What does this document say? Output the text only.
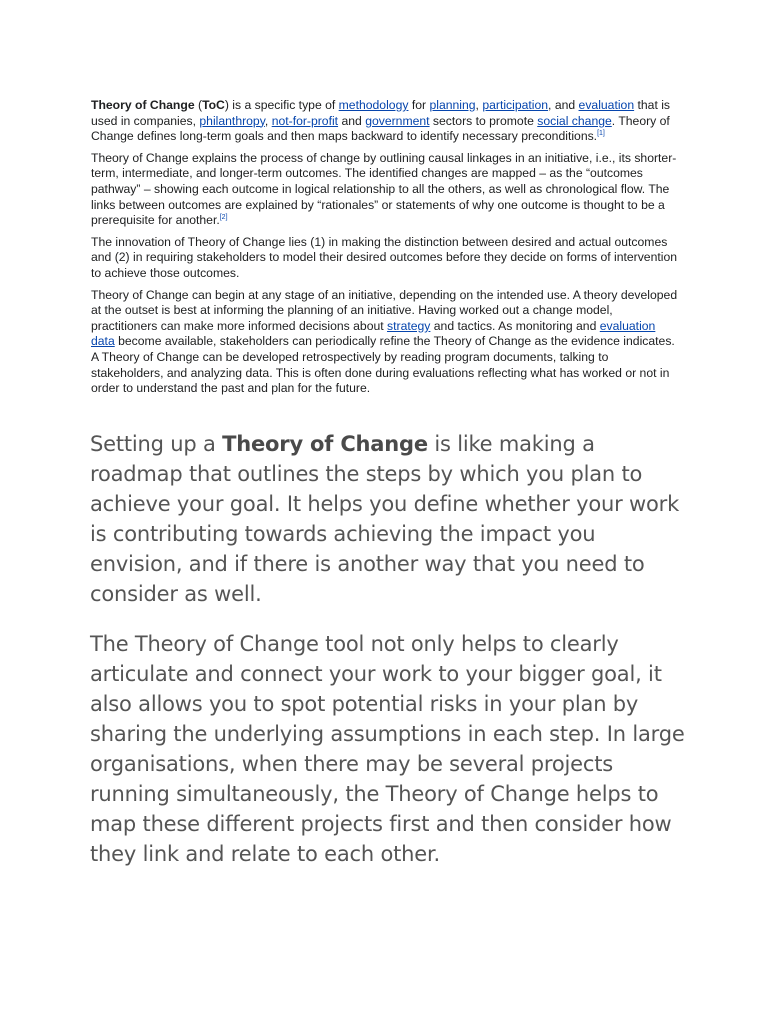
Theory of Change (ToC) is a specific type of methodology for planning, participation, and evaluation that is used in companies, philanthropy, not-for-profit and government sectors to promote social change. Theory of Change defines long-term goals and then maps backward to identify necessary preconditions.[1]

Theory of Change explains the process of change by outlining causal linkages in an initiative, i.e., its shorter-term, intermediate, and longer-term outcomes. The identified changes are mapped – as the “outcomes pathway” – showing each outcome in logical relationship to all the others, as well as chronological flow. The links between outcomes are explained by “rationales” or statements of why one outcome is thought to be a prerequisite for another.[2]

The innovation of Theory of Change lies (1) in making the distinction between desired and actual outcomes and (2) in requiring stakeholders to model their desired outcomes before they decide on forms of intervention to achieve those outcomes.

Theory of Change can begin at any stage of an initiative, depending on the intended use. A theory developed at the outset is best at informing the planning of an initiative. Having worked out a change model, practitioners can make more informed decisions about strategy and tactics. As monitoring and evaluation data become available, stakeholders can periodically refine the Theory of Change as the evidence indicates. A Theory of Change can be developed retrospectively by reading program documents, talking to stakeholders, and analyzing data. This is often done during evaluations reflecting what has worked or not in order to understand the past and plan for the future.

Setting up a Theory of Change is like making a roadmap that outlines the steps by which you plan to achieve your goal. It helps you define whether your work is contributing towards achieving the impact you envision, and if there is another way that you need to consider as well.

The Theory of Change tool not only helps to clearly articulate and connect your work to your bigger goal, it also allows you to spot potential risks in your plan by sharing the underlying assumptions in each step. In large organisations, when there may be several projects running simultaneously, the Theory of Change helps to map these different projects first and then consider how they link and relate to each other.
